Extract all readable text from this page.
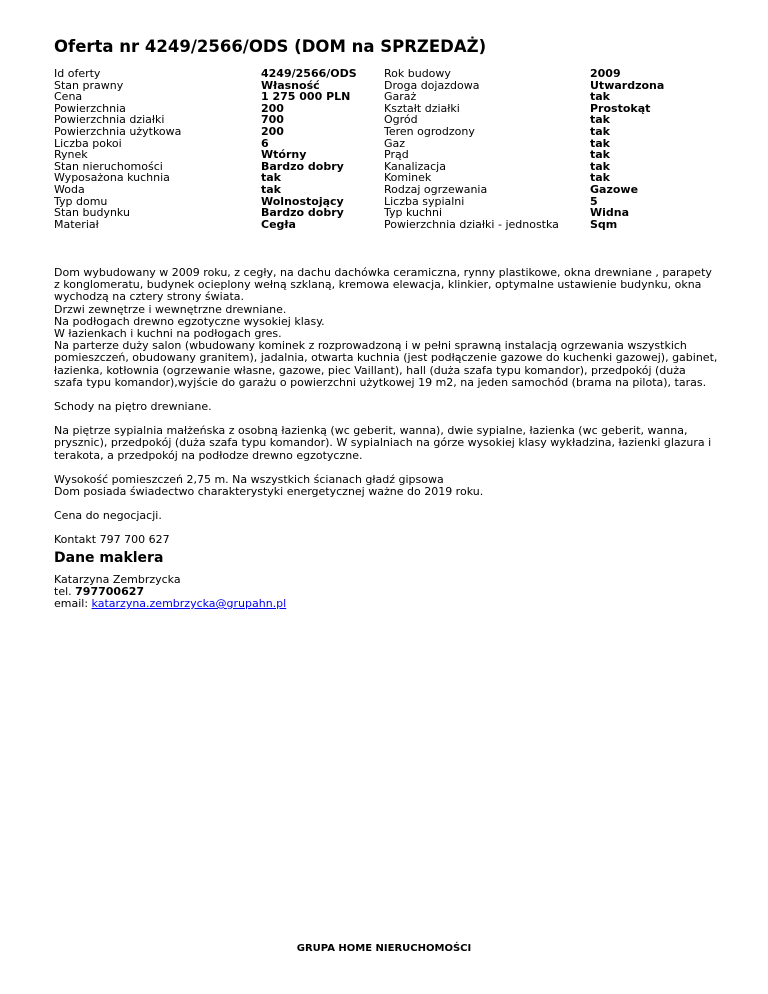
Oferta nr 4249/2566/ODS (DOM na SPRZEDAŻ)
Id oferty	4249/2566/ODS	Rok budowy	2009
Stan prawny	Własność	Droga dojazdowa	Utwardzona
Cena	1 275 000 PLN	Garaż	tak
Powierzchnia	200	Kształt działki	Prostokąt
Powierzchnia działki	700	Ogród	tak
Powierzchnia użytkowa	200	Teren ogrodzony	tak
Liczba pokoi	6	Gaz	tak
Rynek	Wtórny	Prąd	tak
Stan nieruchomości	Bardzo dobry	Kanalizacja	tak
Wyposażona kuchnia	tak	Kominek	tak
Woda	tak	Rodzaj ogrzewania	Gazowe
Typ domu	Wolnostojący	Liczba sypialni	5
Stan budynku	Bardzo dobry	Typ kuchni	Widna
Materiał	Cegła	Powierzchnia działki - jednostka	Sqm

Dom wybudowany w 2009 roku, z cegły, na dachu dachówka ceramiczna, rynny plastikowe, okna drewniane , parapety z konglomeratu, budynek ocieplony wełną szklaną, kremowa elewacja, klinkier, optymalne ustawienie budynku, okna wychodzą na cztery strony świata.
Drzwi zewnętrze i wewnętrzne drewniane.
Na podłogach drewno egzotyczne wysokiej klasy.
W łazienkach i kuchni na podłogach gres.
Na parterze duży salon (wbudowany kominek z rozprowadzoną i w pełni sprawną instalacją ogrzewania wszystkich pomieszczeń, obudowany granitem), jadalnia, otwarta kuchnia (jest podłączenie gazowe do kuchenki gazowej), gabinet, łazienka, kotłownia (ogrzewanie własne, gazowe, piec Vaillant), hall (duża szafa typu komandor), przedpokój (duża szafa typu komandor),wyjście do garażu o powierzchni użytkowej 19 m2, na jeden samochód (brama na pilota), taras.

Schody na piętro drewniane.

Na piętrze sypialnia małżeńska z osobną łazienką (wc geberit, wanna), dwie sypialne, łazienka (wc geberit, wanna, prysznic), przedpokój (duża szafa typu komandor). W sypialniach na górze wysokiej klasy wykładzina, łazienki glazura i terakota, a przedpokój na podłodze drewno egzotyczne.

Wysokość pomieszczeń 2,75 m. Na wszystkich ścianach gładź gipsowa
Dom posiada świadectwo charakterystyki energetycznej ważne do 2019 roku.

Cena do negocjacji.

Kontakt 797 700 627

Dane maklera
Katarzyna Zembrzycka
tel. 797700627
email: katarzyna.zembrzycka@grupahn.pl
GRUPA HOME NIERUCHOMOŚCI
